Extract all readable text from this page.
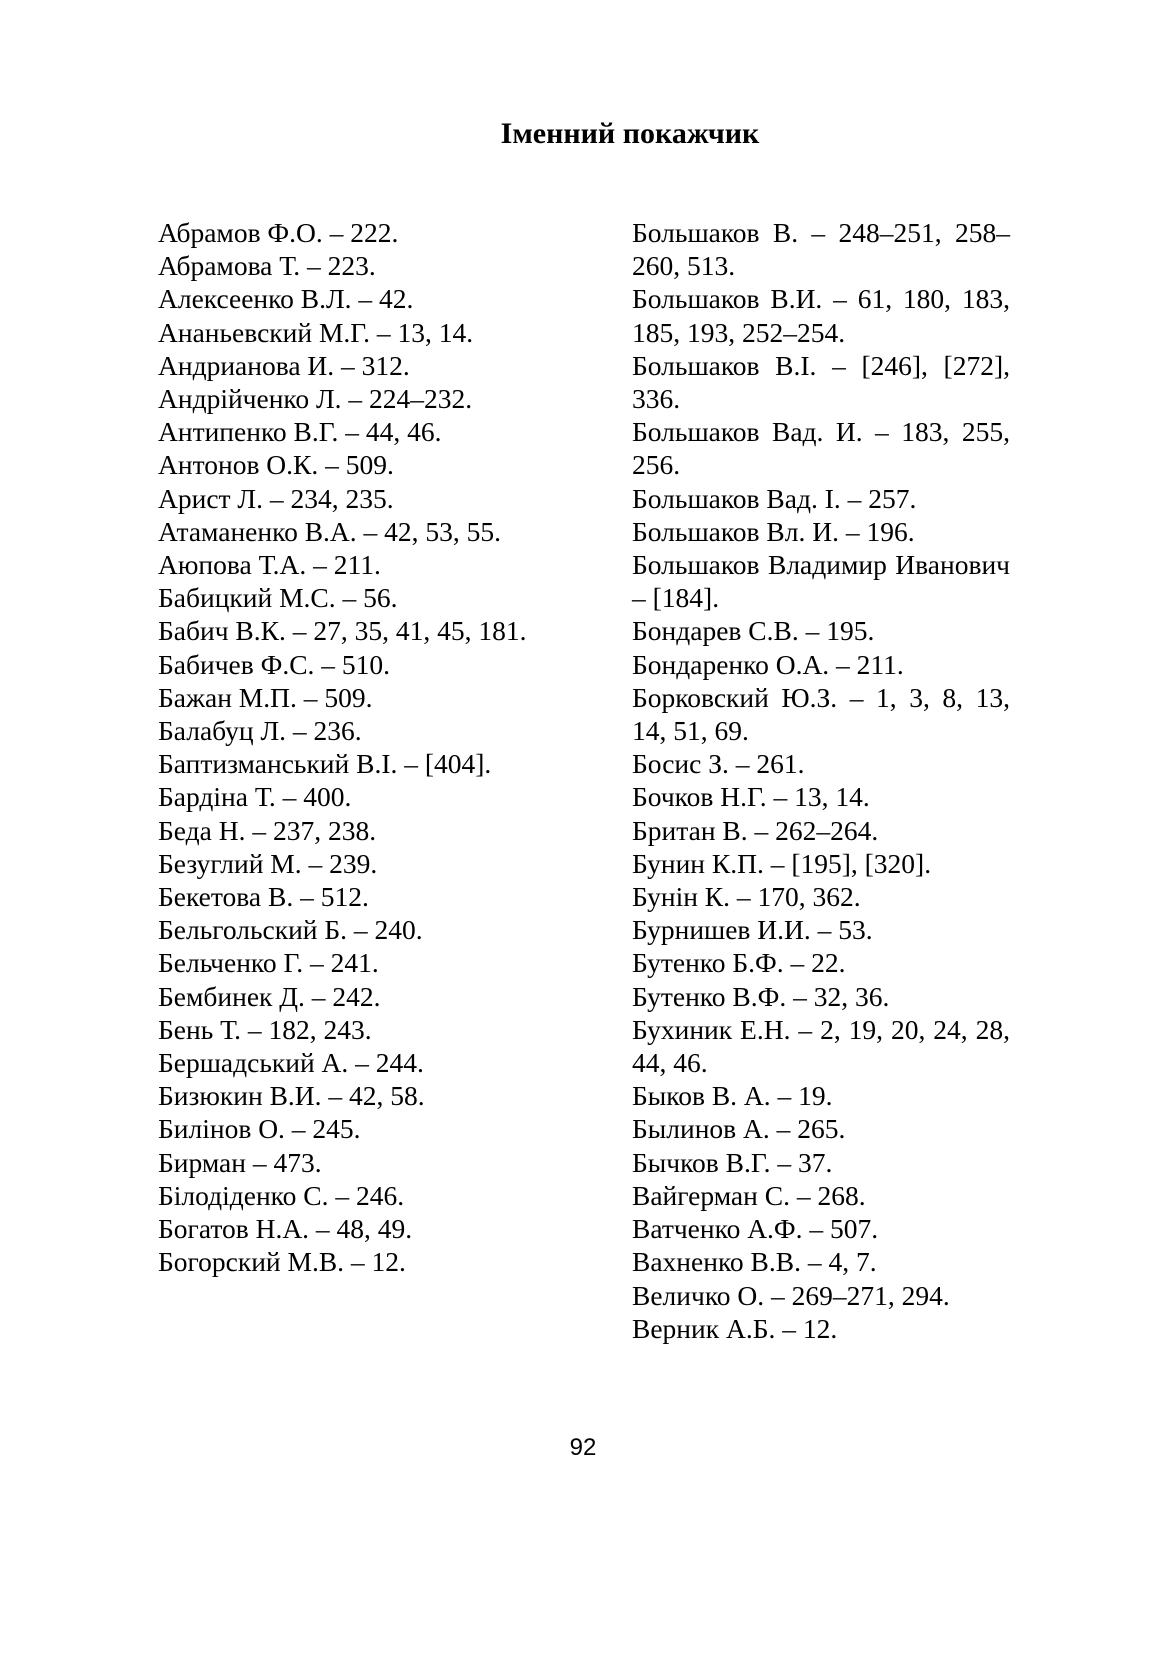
Іменний покажчик
Абрамов Ф.О. – 222.
Абрамова Т. – 223.
Алексеенко В.Л. – 42.
Ананьевский М.Г. – 13, 14.
Андрианова И. – 312.
Андрійченко Л. – 224–232.
Антипенко В.Г. – 44, 46.
Антонов О.К. – 509.
Арист Л. – 234, 235.
Атаманенко В.А. – 42, 53, 55.
Аюпова Т.А. – 211.
Бабицкий М.С. – 56.
Бабич В.К. – 27, 35, 41, 45, 181.
Бабичев Ф.С. – 510.
Бажан М.П. – 509.
Балабуц Л. – 236.
Баптизманський В.І. – [404].
Бардіна Т. – 400.
Беда Н. – 237, 238.
Безуглий М. – 239.
Бекетова В. – 512.
Бельгольский Б. – 240.
Бельченко Г. – 241.
Бембинек Д. – 242.
Бень Т. – 182, 243.
Бершадський А. – 244.
Бизюкин В.И. – 42, 58.
Билінов О. – 245.
Бирман – 473.
Білодіденко С. – 246.
Богатов Н.А. – 48, 49.
Богорский М.В. – 12.
Большаков В. – 248–251, 258–260, 513.
Большаков В.И. – 61, 180, 183, 185, 193, 252–254.
Большаков В.І. – [246], [272], 336.
Большаков Вад. И. – 183, 255, 256.
Большаков Вад. І. – 257.
Большаков Вл. И. – 196.
Большаков Владимир Иванович – [184].
Бондарев С.В. – 195.
Бондаренко О.А. – 211.
Борковский Ю.З. – 1, 3, 8, 13, 14, 51, 69.
Босис З. – 261.
Бочков Н.Г. – 13, 14.
Британ В. – 262–264.
Бунин К.П. – [195], [320].
Бунін К. – 170, 362.
Бурнишев И.И. – 53.
Бутенко Б.Ф. – 22.
Бутенко В.Ф. – 32, 36.
Бухиник Е.Н. – 2, 19, 20, 24, 28, 44, 46.
Быков В. А. – 19.
Былинов А. – 265.
Бычков В.Г. – 37.
Вайгерман С. – 268.
Ватченко А.Ф. – 507.
Вахненко В.В. – 4, 7.
Величко О. – 269–271, 294.
Верник А.Б. – 12.
92
